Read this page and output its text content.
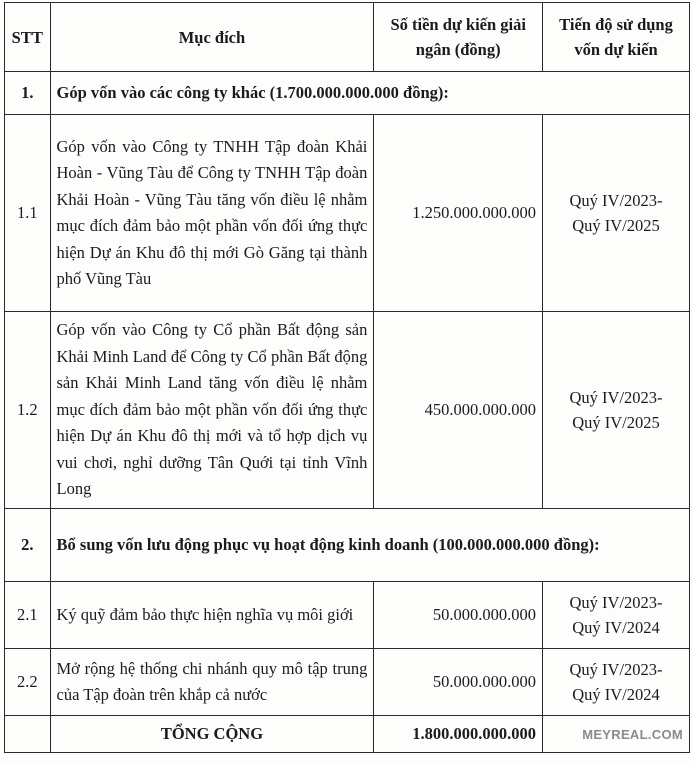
STT	Mục đích	Số tiền dự kiến giải ngân (đồng)	Tiến độ sử dụng vốn dự kiến
1.	Góp vốn vào các công ty khác (1.700.000.000.000 đồng):		
1.1	Góp vốn vào Công ty TNHH Tập đoàn Khải Hoàn - Vũng Tàu để Công ty TNHH Tập đoàn Khải Hoàn - Vũng Tàu tăng vốn điều lệ nhằm mục đích đảm bảo một phần vốn đối ứng thực hiện Dự án Khu đô thị mới Gò Găng tại thành phố Vũng Tàu	1.250.000.000.000	Quý IV/2023-
Quý IV/2025
1.2	Góp vốn vào Công ty Cổ phần Bất động sản Khải Minh Land để Công ty Cổ phần Bất động sản Khải Minh Land tăng vốn điều lệ nhằm mục đích đảm bảo một phần vốn đối ứng thực hiện Dự án Khu đô thị mới và tổ hợp dịch vụ vui chơi, nghỉ dưỡng Tân Quới tại tỉnh Vĩnh Long	450.000.000.000	Quý IV/2023-
Quý IV/2025
2.	Bổ sung vốn lưu động phục vụ hoạt động kinh doanh (100.000.000.000 đồng):		
2.1	Ký quỹ đảm bảo thực hiện nghĩa vụ môi giới	50.000.000.000	Quý IV/2023-
Quý IV/2024
2.2	Mở rộng hệ thống chi nhánh quy mô tập trung của Tập đoàn trên khắp cả nước	50.000.000.000	Quý IV/2023-
Quý IV/2024
	TỔNG CỘNG	1.800.000.000.000	MEYREAL.COM
